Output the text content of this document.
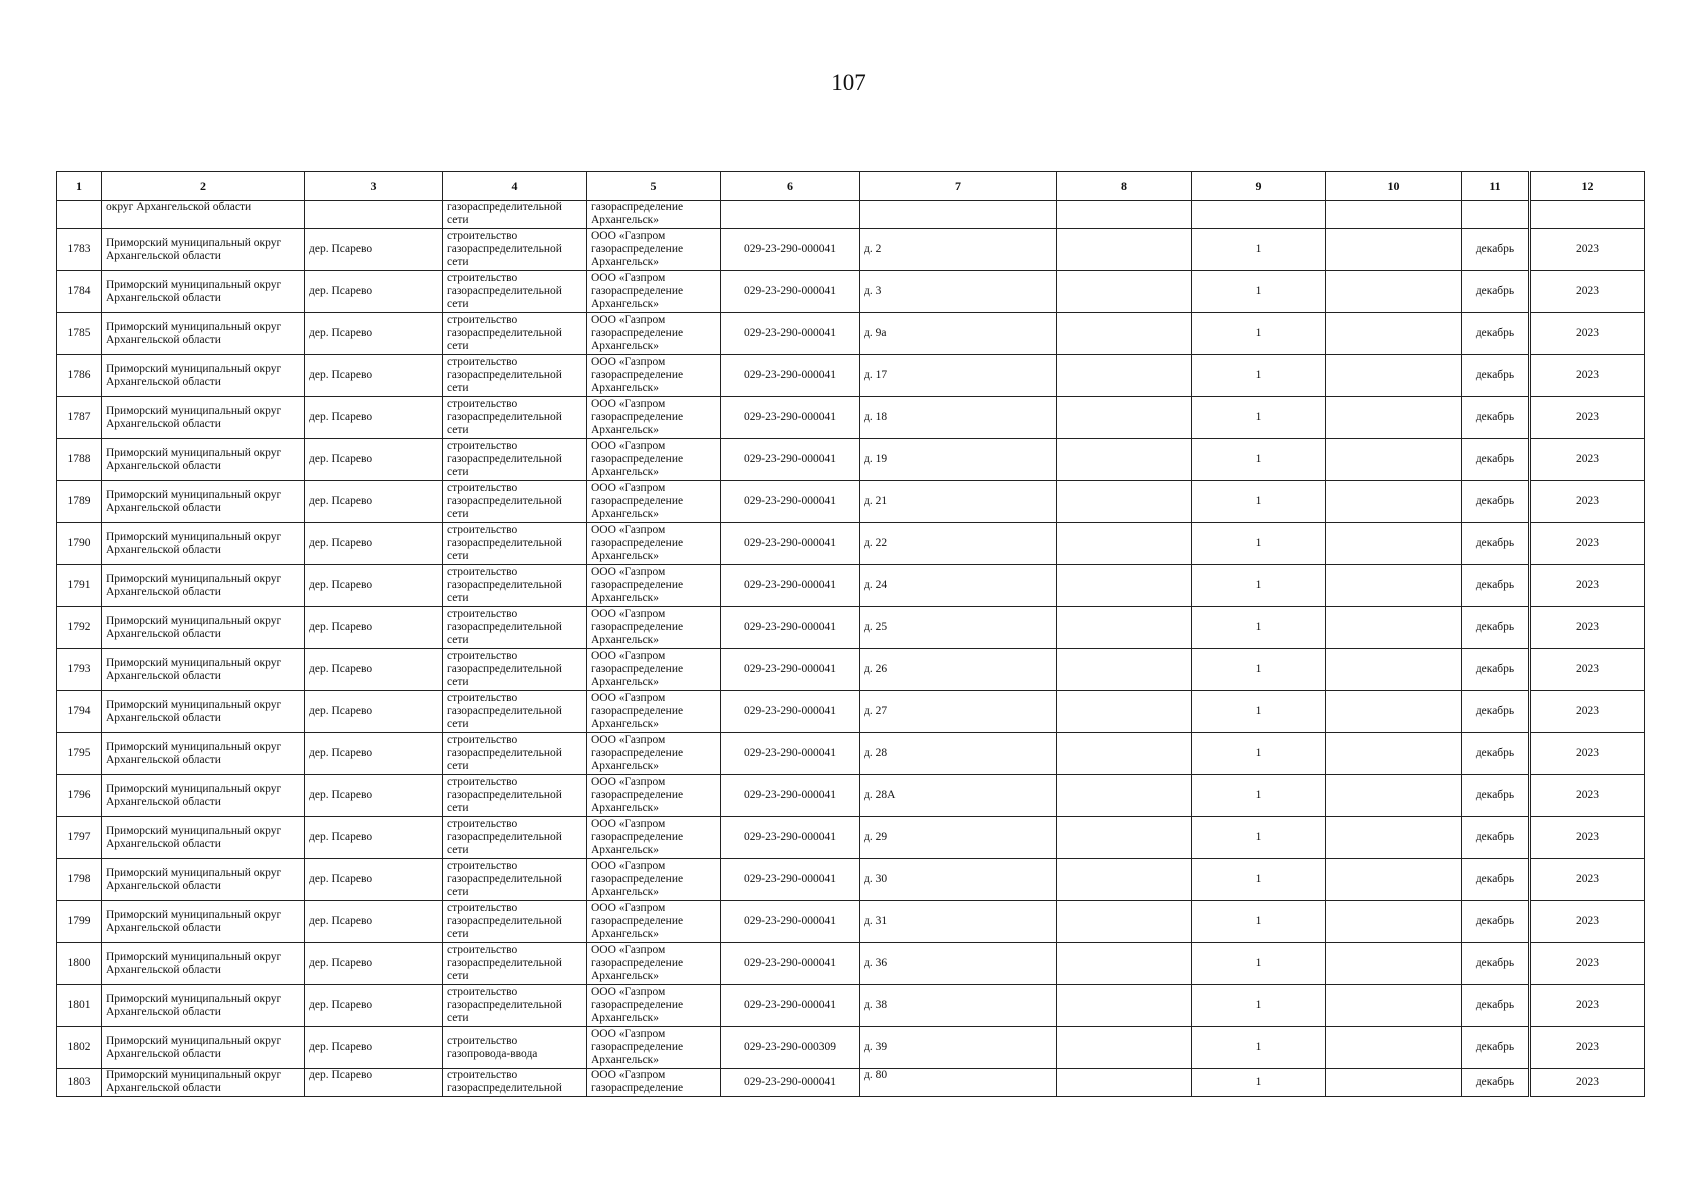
107
1	2	3	4	5	6	7	8	9	10	11	12
	округ Архангельской области		газораспределительной сети	газораспределение Архангельск»							
1783	Приморский муниципальный округ Архангельской области	дер. Псарево	строительство газораспределительной сети	ООО «Газпром газораспределение Архангельск»	029-23-290-000041	д. 2		1		декабрь	2023
1784	Приморский муниципальный округ Архангельской области	дер. Псарево	строительство газораспределительной сети	ООО «Газпром газораспределение Архангельск»	029-23-290-000041	д. 3		1		декабрь	2023
1785	Приморский муниципальный округ Архангельской области	дер. Псарево	строительство газораспределительной сети	ООО «Газпром газораспределение Архангельск»	029-23-290-000041	д. 9а		1		декабрь	2023
1786	Приморский муниципальный округ Архангельской области	дер. Псарево	строительство газораспределительной сети	ООО «Газпром газораспределение Архангельск»	029-23-290-000041	д. 17		1		декабрь	2023
1787	Приморский муниципальный округ Архангельской области	дер. Псарево	строительство газораспределительной сети	ООО «Газпром газораспределение Архангельск»	029-23-290-000041	д. 18		1		декабрь	2023
1788	Приморский муниципальный округ Архангельской области	дер. Псарево	строительство газораспределительной сети	ООО «Газпром газораспределение Архангельск»	029-23-290-000041	д. 19		1		декабрь	2023
1789	Приморский муниципальный округ Архангельской области	дер. Псарево	строительство газораспределительной сети	ООО «Газпром газораспределение Архангельск»	029-23-290-000041	д. 21		1		декабрь	2023
1790	Приморский муниципальный округ Архангельской области	дер. Псарево	строительство газораспределительной сети	ООО «Газпром газораспределение Архангельск»	029-23-290-000041	д. 22		1		декабрь	2023
1791	Приморский муниципальный округ Архангельской области	дер. Псарево	строительство газораспределительной сети	ООО «Газпром газораспределение Архангельск»	029-23-290-000041	д. 24		1		декабрь	2023
1792	Приморский муниципальный округ Архангельской области	дер. Псарево	строительство газораспределительной сети	ООО «Газпром газораспределение Архангельск»	029-23-290-000041	д. 25		1		декабрь	2023
1793	Приморский муниципальный округ Архангельской области	дер. Псарево	строительство газораспределительной сети	ООО «Газпром газораспределение Архангельск»	029-23-290-000041	д. 26		1		декабрь	2023
1794	Приморский муниципальный округ Архангельской области	дер. Псарево	строительство газораспределительной сети	ООО «Газпром газораспределение Архангельск»	029-23-290-000041	д. 27		1		декабрь	2023
1795	Приморский муниципальный округ Архангельской области	дер. Псарево	строительство газораспределительной сети	ООО «Газпром газораспределение Архангельск»	029-23-290-000041	д. 28		1		декабрь	2023
1796	Приморский муниципальный округ Архангельской области	дер. Псарево	строительство газораспределительной сети	ООО «Газпром газораспределение Архангельск»	029-23-290-000041	д. 28А		1		декабрь	2023
1797	Приморский муниципальный округ Архангельской области	дер. Псарево	строительство газораспределительной сети	ООО «Газпром газораспределение Архангельск»	029-23-290-000041	д. 29		1		декабрь	2023
1798	Приморский муниципальный округ Архангельской области	дер. Псарево	строительство газораспределительной сети	ООО «Газпром газораспределение Архангельск»	029-23-290-000041	д. 30		1		декабрь	2023
1799	Приморский муниципальный округ Архангельской области	дер. Псарево	строительство газораспределительной сети	ООО «Газпром газораспределение Архангельск»	029-23-290-000041	д. 31		1		декабрь	2023
1800	Приморский муниципальный округ Архангельской области	дер. Псарево	строительство газораспределительной сети	ООО «Газпром газораспределение Архангельск»	029-23-290-000041	д. 36		1		декабрь	2023
1801	Приморский муниципальный округ Архангельской области	дер. Псарево	строительство газораспределительной сети	ООО «Газпром газораспределение Архангельск»	029-23-290-000041	д. 38		1		декабрь	2023
1802	Приморский муниципальный округ Архангельской области	дер. Псарево	строительство газопровода-ввода	ООО «Газпром газораспределение Архангельск»	029-23-290-000309	д. 39		1		декабрь	2023
1803	Приморский муниципальный округ Архангельской области	дер. Псарево	строительство газораспределительной	ООО «Газпром газораспределение	029-23-290-000041	д. 80		1		декабрь	2023
